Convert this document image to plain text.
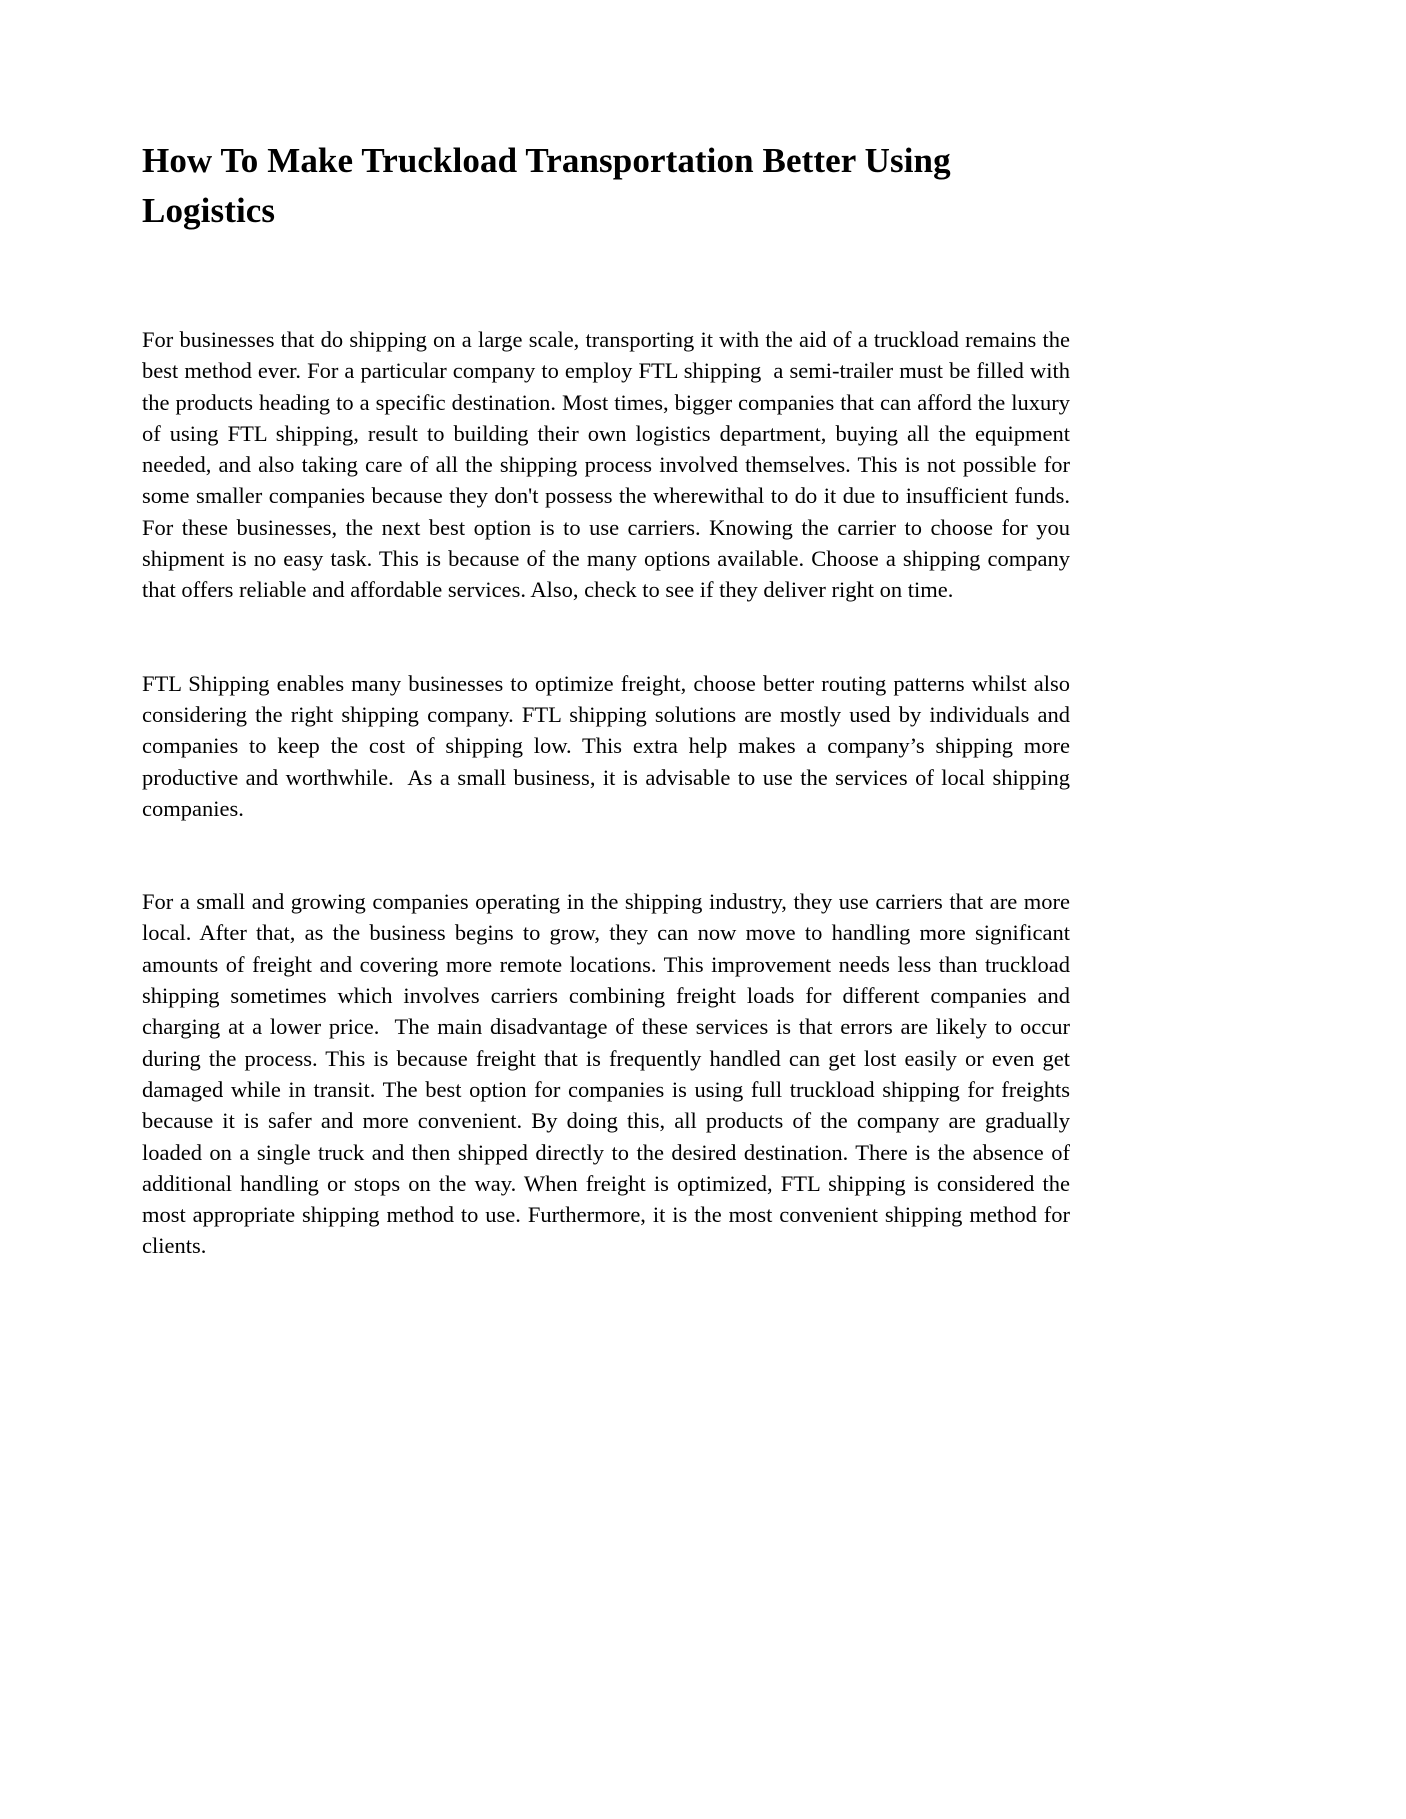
How To Make Truckload Transportation Better Using Logistics

For businesses that do shipping on a large scale, transporting it with the aid of a truckload remains the best method ever. For a particular company to employ FTL shipping  a semi-trailer must be filled with the products heading to a specific destination. Most times, bigger companies that can afford the luxury of using FTL shipping, result to building their own logistics department, buying all the equipment needed, and also taking care of all the shipping process involved themselves. This is not possible for some smaller companies because they don't possess the wherewithal to do it due to insufficient funds. For these businesses, the next best option is to use carriers. Knowing the carrier to choose for you shipment is no easy task. This is because of the many options available. Choose a shipping company that offers reliable and affordable services. Also, check to see if they deliver right on time.

FTL Shipping enables many businesses to optimize freight, choose better routing patterns whilst also considering the right shipping company. FTL shipping solutions are mostly used by individuals and companies to keep the cost of shipping low. This extra help makes a company’s shipping more productive and worthwhile.  As a small business, it is advisable to use the services of local shipping companies.

For a small and growing companies operating in the shipping industry, they use carriers that are more local. After that, as the business begins to grow, they can now move to handling more significant amounts of freight and covering more remote locations. This improvement needs less than truckload shipping sometimes which involves carriers combining freight loads for different companies and charging at a lower price.  The main disadvantage of these services is that errors are likely to occur during the process. This is because freight that is frequently handled can get lost easily or even get damaged while in transit. The best option for companies is using full truckload shipping for freights because it is safer and more convenient. By doing this, all products of the company are gradually loaded on a single truck and then shipped directly to the desired destination. There is the absence of additional handling or stops on the way. When freight is optimized, FTL shipping is considered the most appropriate shipping method to use. Furthermore, it is the most convenient shipping method for clients.
